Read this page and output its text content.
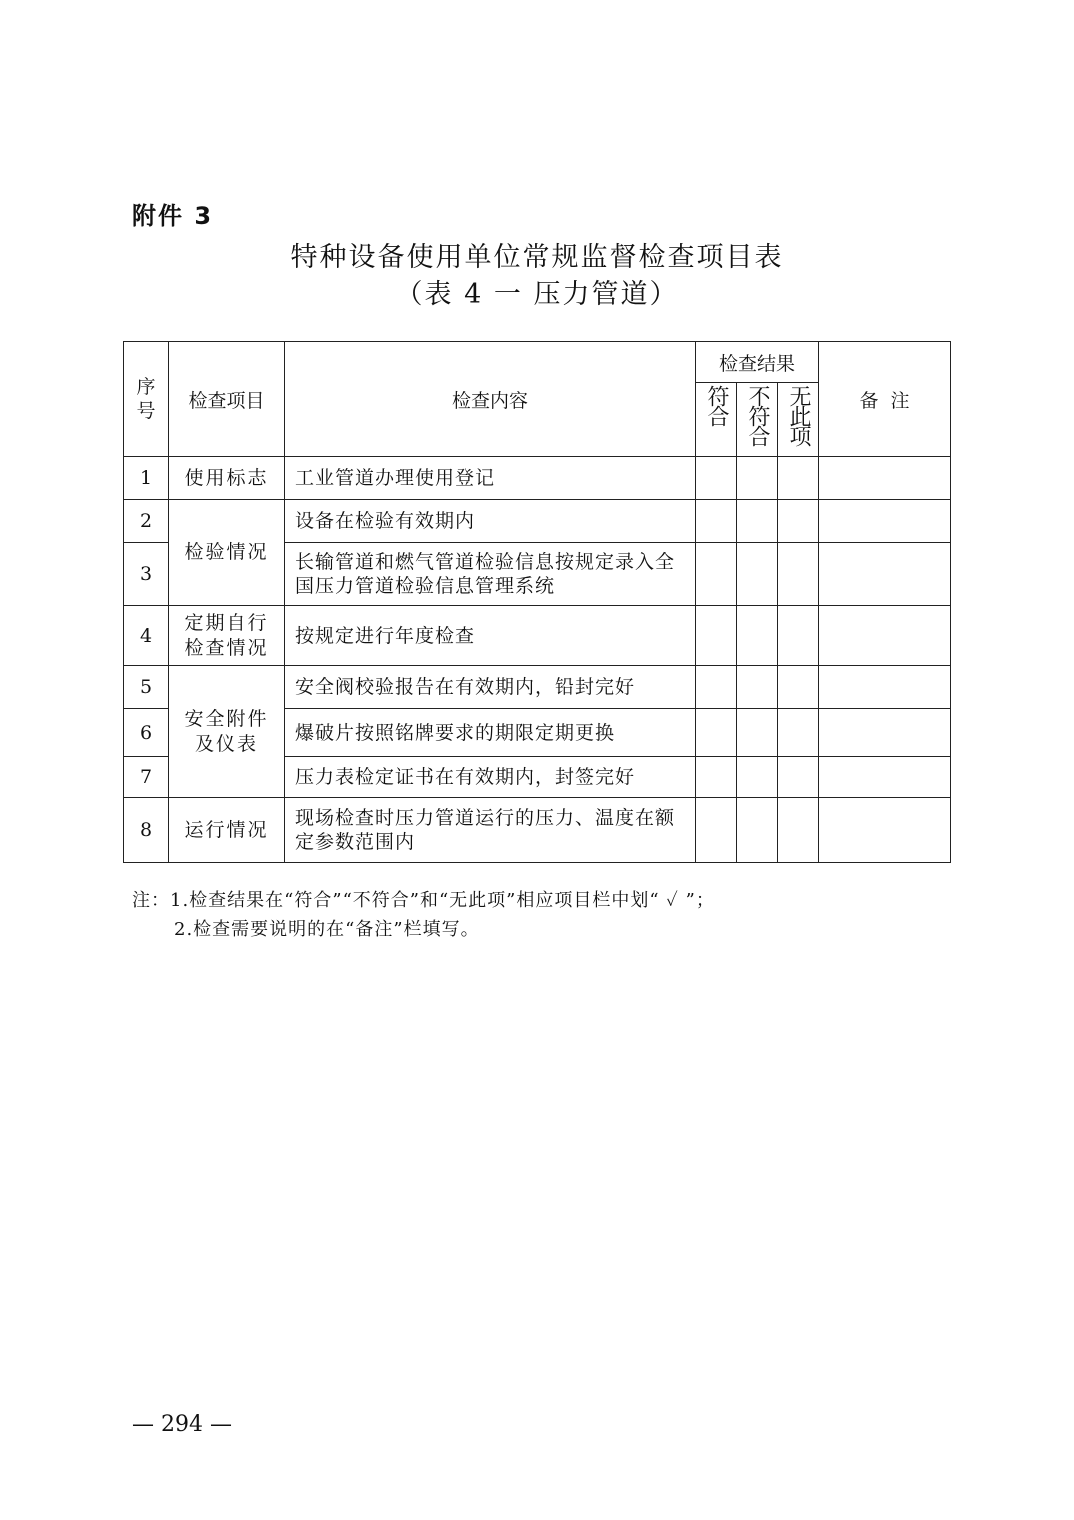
附件 3
特种设备使用单位常规监督检查项目表
（表 4 一 压力管道）
序
号	检查项目	检查内容	检查结果			备  注
			符合	不符合	无此项	
1	使用标志	工业管道办理使用登记				
2	检验情况	设备在检验有效期内				
3		长输管道和燃气管道检验信息按规定录入全国压力管道检验信息管理系统				
4	定期自行检查情况	按规定进行年度检查				
5	安全附件及仪表	安全阀校验报告在有效期内，铅封完好				
6		爆破片按照铭牌要求的期限定期更换				
7		压力表检定证书在有效期内，封签完好				
8	运行情况	现场检查时压力管道运行的压力、温度在额定参数范围内				
注：1.检查结果在“符合”“不符合”和“无此项”相应项目栏中划“ ✓ ”；
2.检查需要说明的在“备注”栏填写。
— 294 —
